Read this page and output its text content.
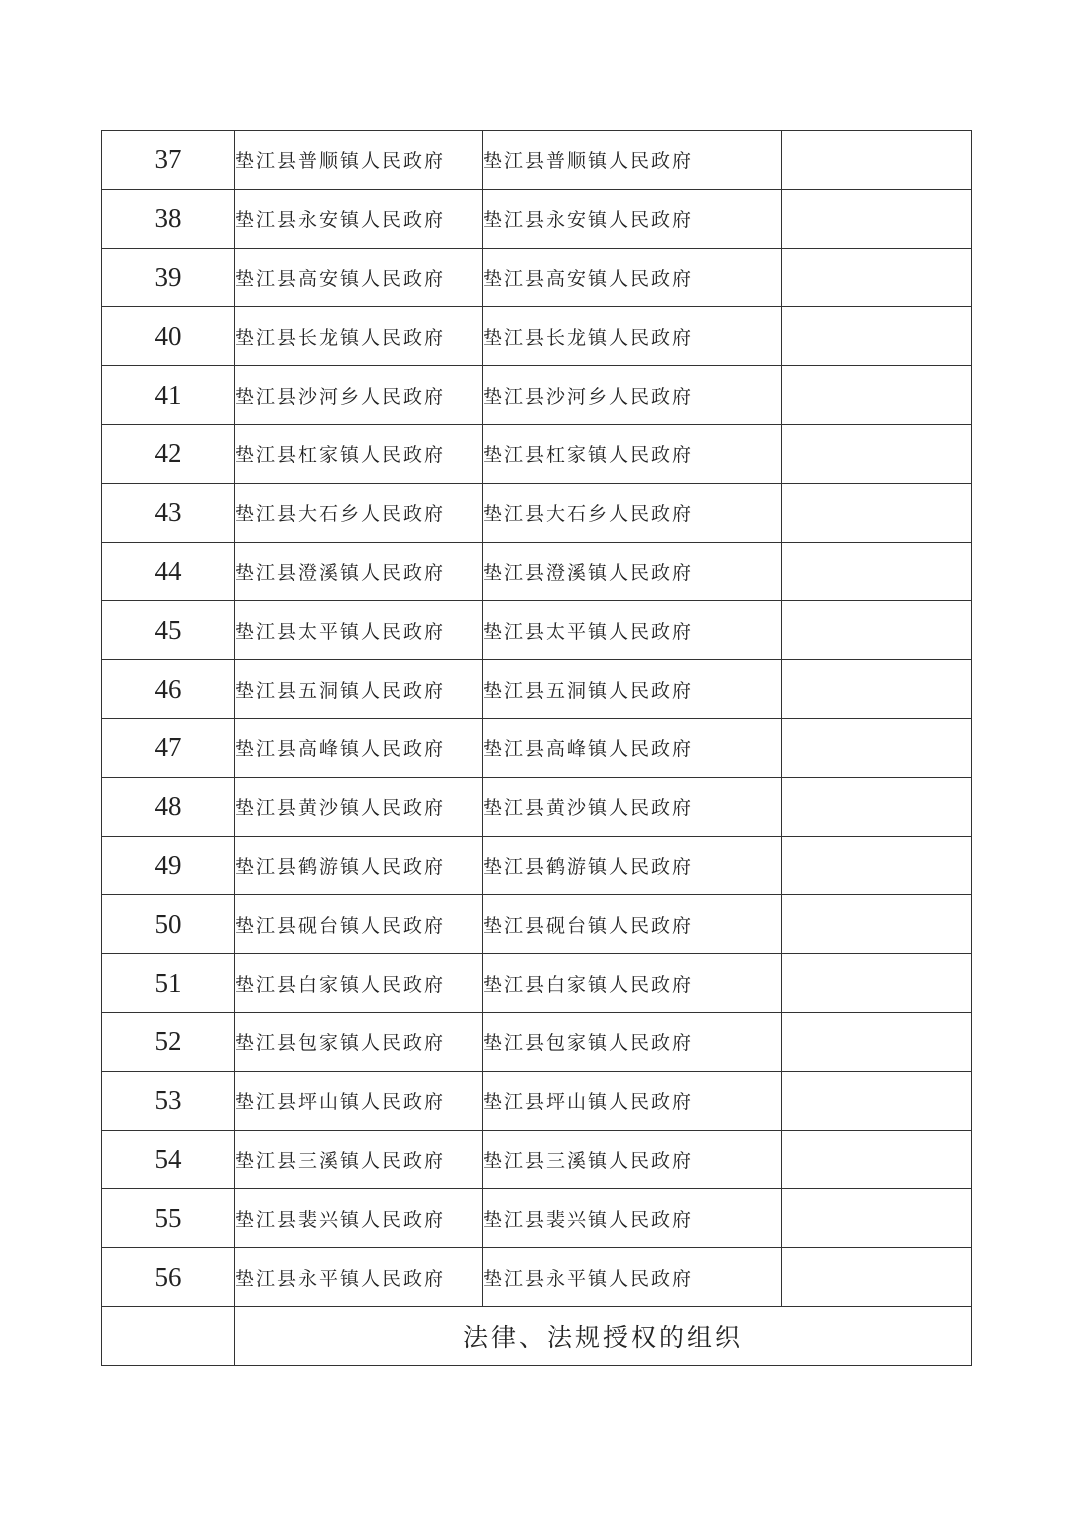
37	垫江县普顺镇人民政府	垫江县普顺镇人民政府	
38	垫江县永安镇人民政府	垫江县永安镇人民政府	
39	垫江县高安镇人民政府	垫江县高安镇人民政府	
40	垫江县长龙镇人民政府	垫江县长龙镇人民政府	
41	垫江县沙河乡人民政府	垫江县沙河乡人民政府	
42	垫江县杠家镇人民政府	垫江县杠家镇人民政府	
43	垫江县大石乡人民政府	垫江县大石乡人民政府	
44	垫江县澄溪镇人民政府	垫江县澄溪镇人民政府	
45	垫江县太平镇人民政府	垫江县太平镇人民政府	
46	垫江县五洞镇人民政府	垫江县五洞镇人民政府	
47	垫江县高峰镇人民政府	垫江县高峰镇人民政府	
48	垫江县黄沙镇人民政府	垫江县黄沙镇人民政府	
49	垫江县鹤游镇人民政府	垫江县鹤游镇人民政府	
50	垫江县砚台镇人民政府	垫江县砚台镇人民政府	
51	垫江县白家镇人民政府	垫江县白家镇人民政府	
52	垫江县包家镇人民政府	垫江县包家镇人民政府	
53	垫江县坪山镇人民政府	垫江县坪山镇人民政府	
54	垫江县三溪镇人民政府	垫江县三溪镇人民政府	
55	垫江县裴兴镇人民政府	垫江县裴兴镇人民政府	
56	垫江县永平镇人民政府	垫江县永平镇人民政府	
	法律、法规授权的组织		
